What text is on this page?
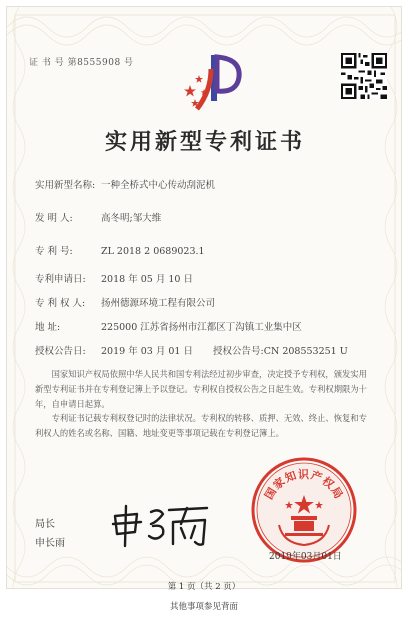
证 书 号 第8555908 号
实用新型专利证书
实用新型名称: 一种全桥式中心传动刮泥机
发 明 人:	高冬明;邹大维
专 利 号:	ZL 2018 2 0689023.1
专利申请日: 2018 年 05 月 10 日
专 利 权 人: 扬州德源环境工程有限公司
地 址:	225000 江苏省扬州市江都区丁沟镇工业集中区
授权公告日: 2019 年 03 月 01 日 授权公告号:CN 208553251 U
国家知识产权局依照中华人民共和国专利法经过初步审查，决定授予专利权，颁发实用新型专利证书并在专利登记簿上予以登记。专利权自授权公告之日起生效。专利权期限为十年，自申请日起算。
专利证书记载专利权登记时的法律状况。专利权的转移、质押、无效、终止、恢复和专利权人的姓名或名称、国籍、地址变更等事项记载在专利登记簿上。
局长
申长雨
国家知识产权局
2019年03月01日
第 1 页（共 2 页）
其他事项参见背面
